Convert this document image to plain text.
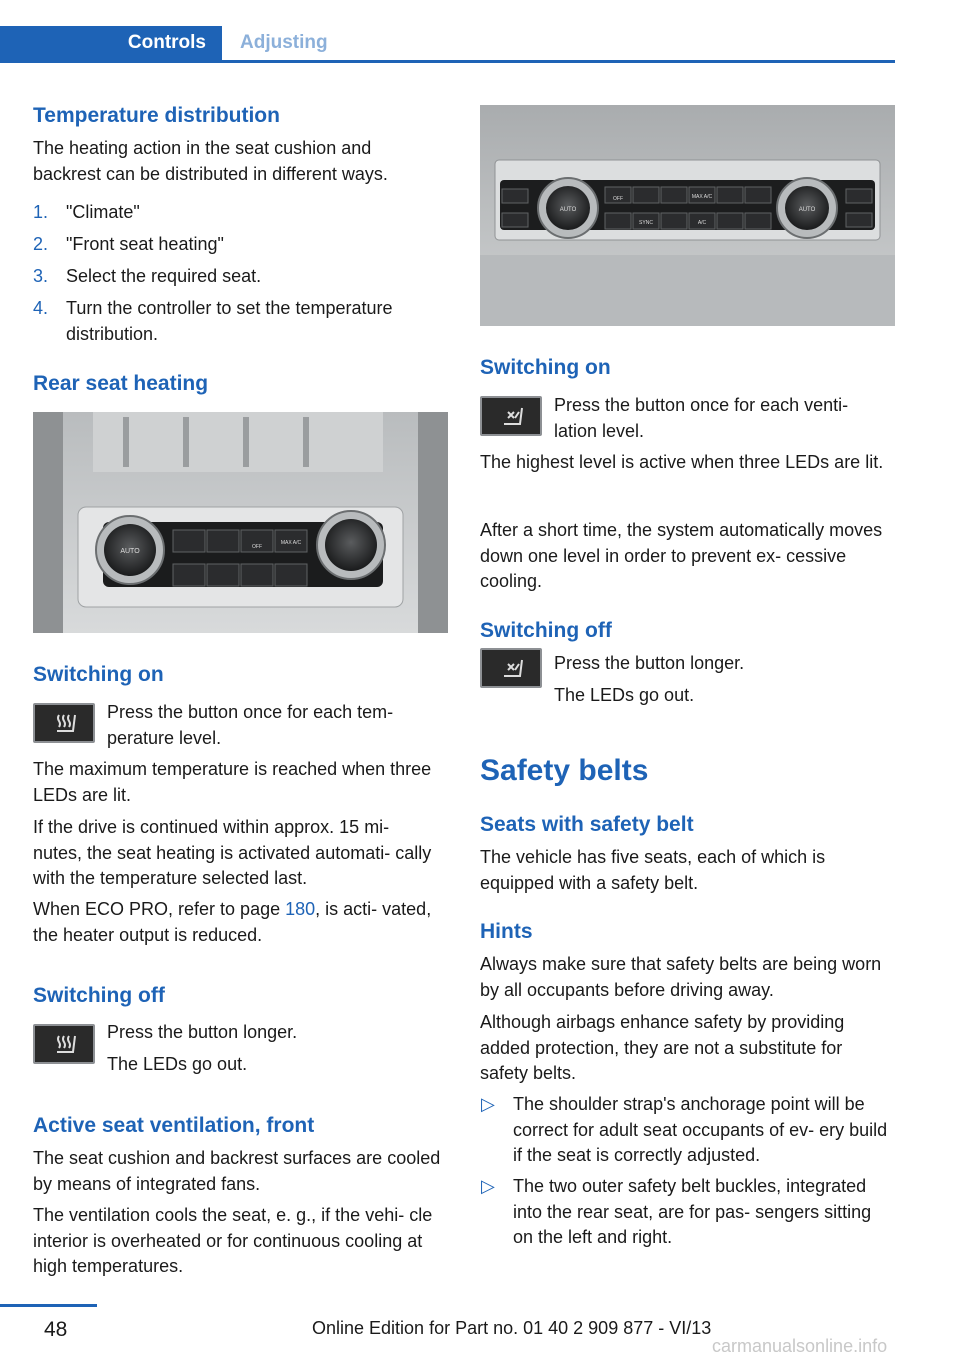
Controls Adjusting
Temperature distribution
The heating action in the seat cushion and backrest can be distributed in different ways.
1. "Climate"
2. "Front seat heating"
3. Select the required seat.
4. Turn the controller to set the temperature distribution.
Rear seat heating
AUTO
OFF
MAX A/C
Switching on
Press the button once for each tem‐ perature level.
The maximum temperature is reached when three LEDs are lit.
If the drive is continued within approx. 15 mi‐ nutes, the seat heating is activated automati‐ cally with the temperature selected last.
When ECO PRO, refer to page 180, is acti‐ vated, the heater output is reduced.
Switching off
Press the button longer.
The LEDs go out.
Active seat ventilation, front
The seat cushion and backrest surfaces are cooled by means of integrated fans.
The ventilation cools the seat, e. g., if the vehi‐ cle interior is overheated or for continuous cooling at high temperatures.
AUTO	AUTO
OFF	MAX A/C
SYNC	A/C
Switching on
Press the button once for each venti‐ lation level.
The highest level is active when three LEDs are lit.
After a short time, the system automatically moves down one level in order to prevent ex‐ cessive cooling.
Switching off
Press the button longer.
The LEDs go out.
Safety belts
Seats with safety belt
The vehicle has five seats, each of which is equipped with a safety belt.
Hints
Always make sure that safety belts are being worn by all occupants before driving away.
Although airbags enhance safety by providing added protection, they are not a substitute for safety belts.
▷ The shoulder strap's anchorage point will be correct for adult seat occupants of ev‐ ery build if the seat is correctly adjusted.
▷ The two outer safety belt buckles, integrated into the rear seat, are for pas‐ sengers sitting on the left and right.
48	Online Edition for Part no. 01 40 2 909 877 - VI/13
carmanualsonline.info
